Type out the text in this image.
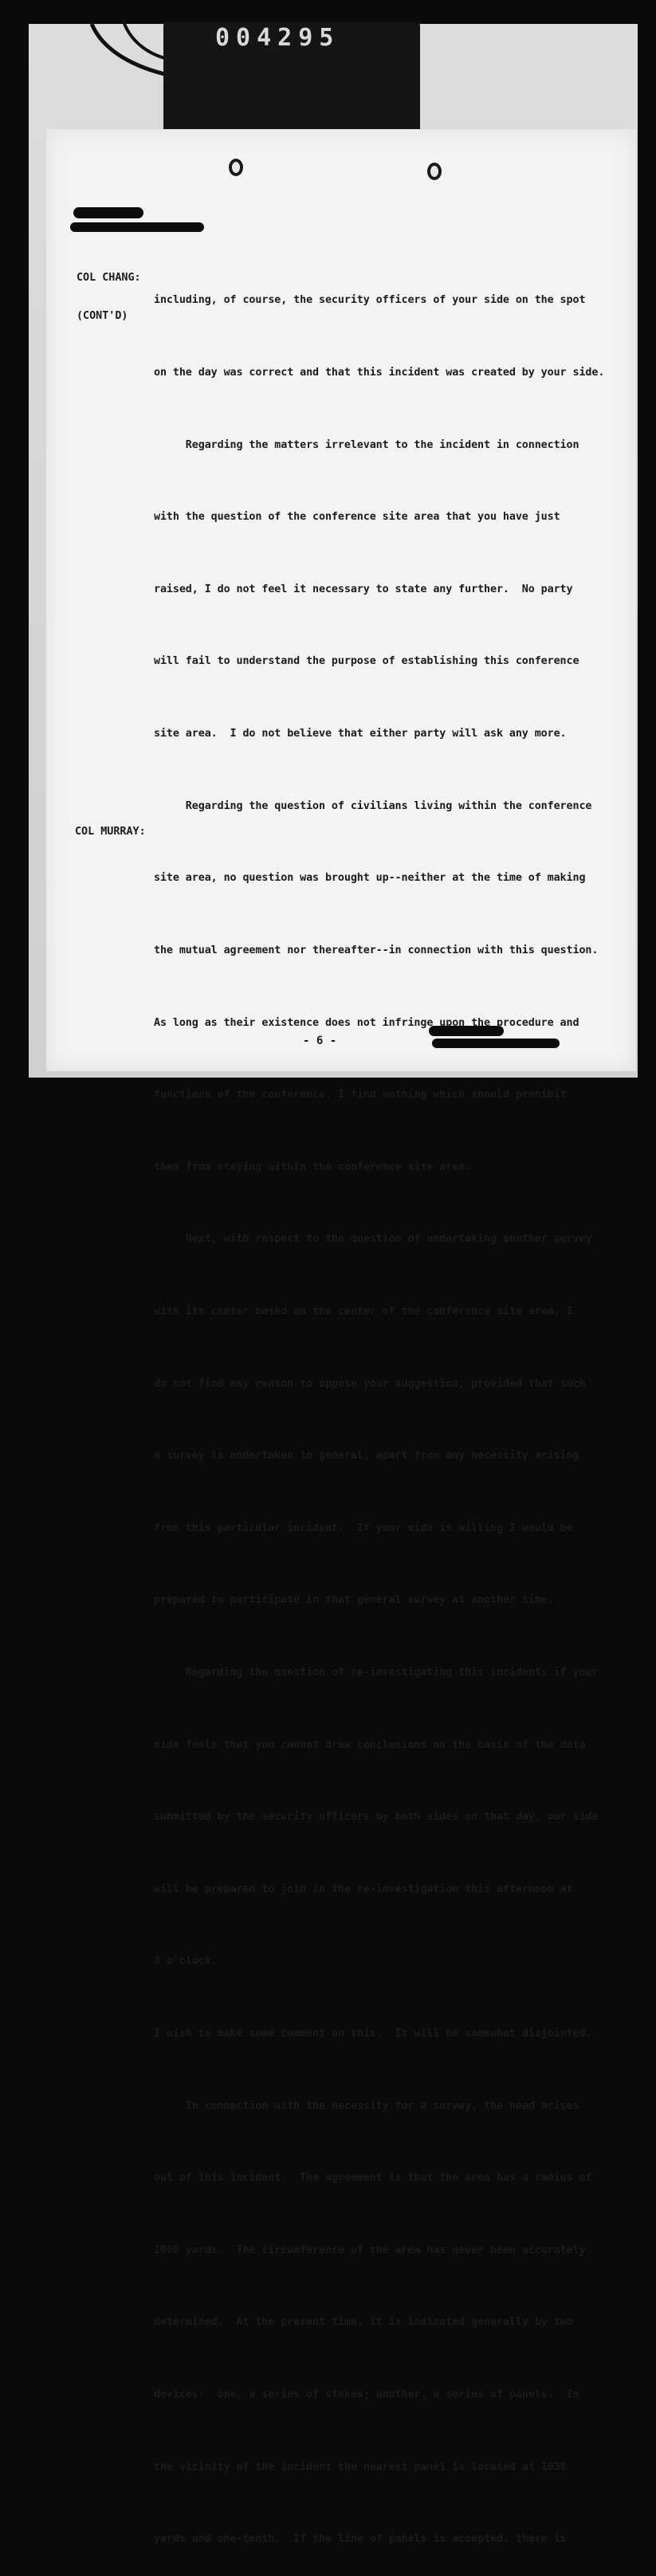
004295

COL CHANG:

(CONT'D)

COL MURRAY:

including, of course, the security officers of your side on the spot

on the day was correct and that this incident was created by your side.

Regarding the matters irrelevant to the incident in connection

with the question of the conference site area that you have just

raised, I do not feel it necessary to state any further.  No party

will fail to understand the purpose of establishing this conference

site area.  I do not believe that either party will ask any more.

Regarding the question of civilians living within the conference

site area, no question was brought up--neither at the time of making

the mutual agreement nor thereafter--in connection with this question.

As long as their existence does not infringe upon the procedure and

functions of the conference, I find nothing which should prohibit

them from staying within the conference site area.

Next, with respect to the question of undertaking another survey

with its center based on the center of the conference site area, I

do not find any reason to oppose your suggestion, provided that such

a survey is undertaken in general, apart from any necessity arising

from this particular incident.  If your side is willing I would be

prepared to participate in that general survey at another time.

Regarding the question of re-investigating this incident; if your

side feels that you cannot draw conclusions on the basis of the data

submitted by the security officers by both sides on that day, our side

will be prepared to join in the re-investigation this afternoon at

3 o'clock.

I wish to make some comment on this.  It will be somewhat disjointed.

In connection with the necessity for a survey, the need arises

out of this incident.  The agreement is that the area has a radius of

1000 yards.  The circumference of the area has never been accurately

determined.  At the present time, it is indicated generally by two

devices:  one, a series of stakes; another, a series of panels.  In

the vicinity of the incident the nearest panel is located at 1038

yards and one-tenth.  If the line of panels is accepted, there is

- 6 -
